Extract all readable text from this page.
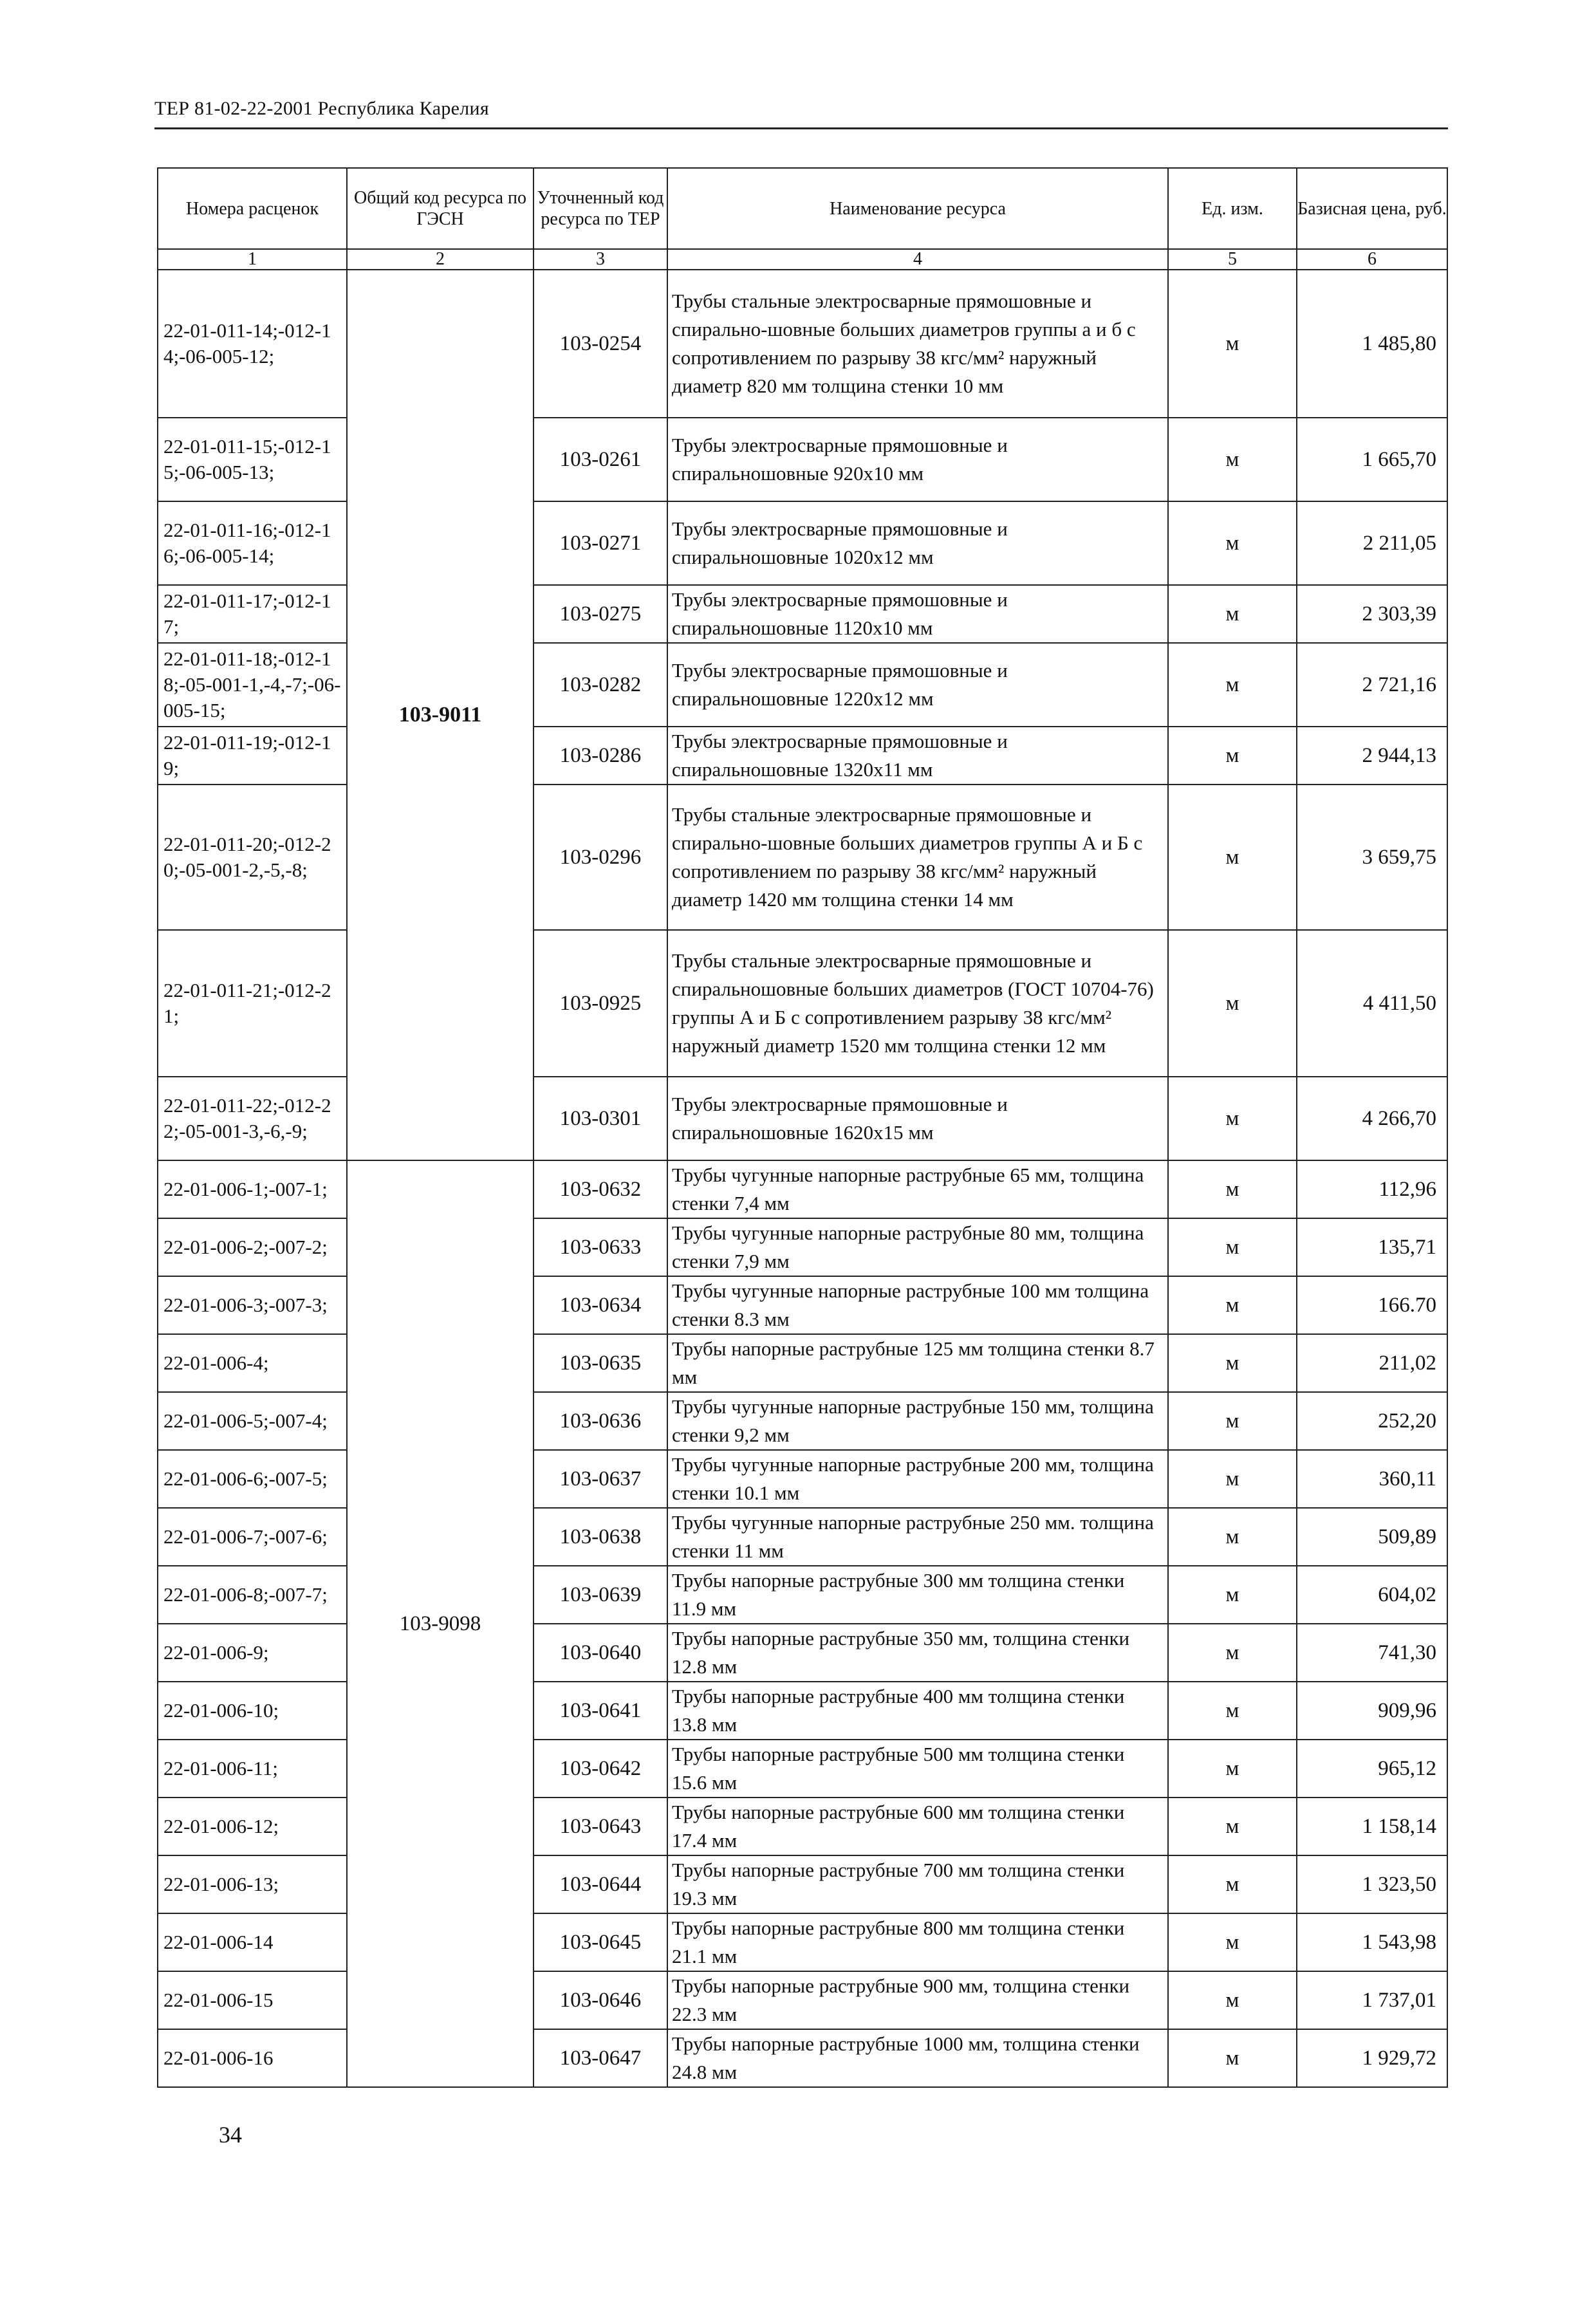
ТЕР 81-02-22-2001 Республика Карелия
Номера расценок	Общий код ресурса по ГЭСН	Уточненный код ресурса по ТЕР	Наименование ресурса	Ед. изм.	Базисная цена, руб.
1	2	3	4	5	6
22-01-011-14;-012-14;-06-005-12;	103-9011	103-0254	Трубы стальные электросварные прямошовные и спирально-шовные больших диаметров группы а и б с сопротивлением по разрыву 38 кгс/мм² наружный диаметр 820 мм толщина стенки 10 мм	м	1 485,80
22-01-011-15;-012-15;-06-005-13;		103-0261	Трубы электросварные прямошовные и спиральношовные 920х10 мм	м	1 665,70
22-01-011-16;-012-16;-06-005-14;		103-0271	Трубы электросварные прямошовные и спиральношовные 1020х12 мм	м	2 211,05
22-01-011-17;-012-17;		103-0275	Трубы электросварные прямошовные и спиральношовные 1120х10 мм	м	2 303,39
22-01-011-18;-012-18;-05-001-1,-4,-7;-06-005-15;		103-0282	Трубы электросварные прямошовные и спиральношовные 1220х12 мм	м	2 721,16
22-01-011-19;-012-19;		103-0286	Трубы электросварные прямошовные и спиральношовные 1320х11 мм	м	2 944,13
22-01-011-20;-012-20;-05-001-2,-5,-8;		103-0296	Трубы стальные электросварные прямошовные и спирально-шовные больших диаметров группы А и Б с сопротивлением по разрыву 38 кгс/мм² наружный диаметр 1420 мм толщина стенки 14 мм	м	3 659,75
22-01-011-21;-012-21;		103-0925	Трубы стальные электросварные прямошовные и спиральношовные больших диаметров (ГОСТ 10704-76) группы А и Б с сопротивлением разрыву 38 кгс/мм² наружный диаметр 1520 мм толщина стенки 12 мм	м	4 411,50
22-01-011-22;-012-22;-05-001-3,-6,-9;		103-0301	Трубы электросварные прямошовные и спиральношовные 1620х15 мм	м	4 266,70
22-01-006-1;-007-1;	103-9098	103-0632	Трубы чугунные напорные раструбные 65 мм, толщина стенки 7,4 мм	м	112,96
22-01-006-2;-007-2;		103-0633	Трубы чугунные напорные раструбные 80 мм, толщина стенки 7,9 мм	м	135,71
22-01-006-3;-007-3;		103-0634	Трубы чугунные напорные раструбные 100 мм толщина стенки 8.3 мм	м	166.70
22-01-006-4;		103-0635	Трубы напорные раструбные 125 мм толщина стенки 8.7 мм	м	211,02
22-01-006-5;-007-4;		103-0636	Трубы чугунные напорные раструбные 150 мм, толщина стенки 9,2 мм	м	252,20
22-01-006-6;-007-5;		103-0637	Трубы чугунные напорные раструбные 200 мм, толщина стенки 10.1 мм	м	360,11
22-01-006-7;-007-6;		103-0638	Трубы чугунные напорные раструбные 250 мм. толщина стенки 11 мм	м	509,89
22-01-006-8;-007-7;		103-0639	Трубы напорные раструбные 300 мм толщина стенки 11.9 мм	м	604,02
22-01-006-9;		103-0640	Трубы напорные раструбные 350 мм, толщина стенки 12.8 мм	м	741,30
22-01-006-10;		103-0641	Трубы напорные раструбные 400 мм толщина стенки 13.8 мм	м	909,96
22-01-006-11;		103-0642	Трубы напорные раструбные 500 мм толщина стенки 15.6 мм	м	965,12
22-01-006-12;		103-0643	Трубы напорные раструбные 600 мм толщина стенки 17.4 мм	м	1 158,14
22-01-006-13;		103-0644	Трубы напорные раструбные 700 мм толщина стенки 19.3 мм	м	1 323,50
22-01-006-14		103-0645	Трубы напорные раструбные 800 мм толщина стенки 21.1 мм	м	1 543,98
22-01-006-15		103-0646	Трубы напорные раструбные 900 мм, толщина стенки 22.3 мм	м	1 737,01
22-01-006-16		103-0647	Трубы напорные раструбные 1000 мм, толщина стенки 24.8 мм	м	1 929,72
34
